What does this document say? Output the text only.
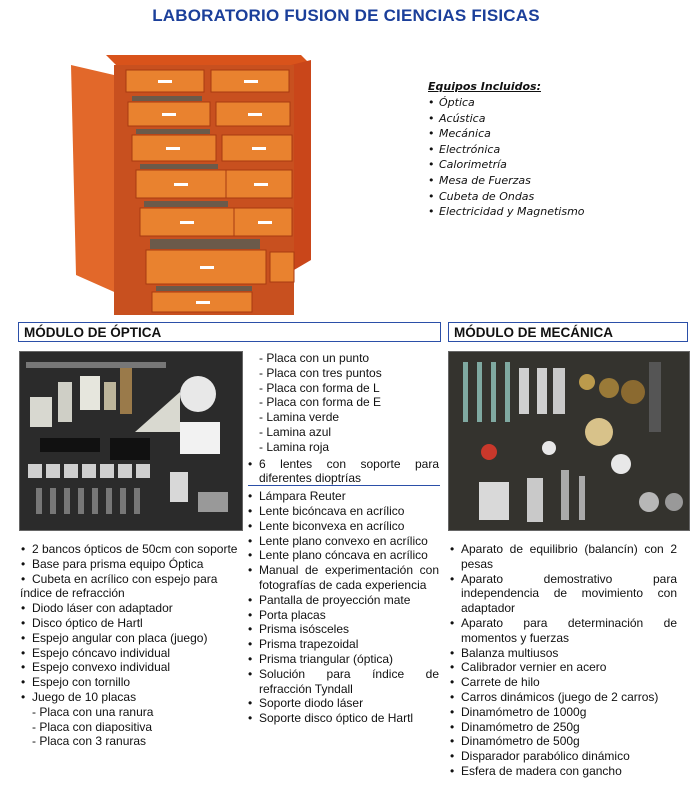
LABORATORIO FUSION DE CIENCIAS FISICAS
Equipos Incluidos:
• Óptica
• Acústica
• Mecánica
• Electrónica
• Calorimetría
• Mesa de Fuerzas
• Cubeta de Ondas
• Electricidad y Magnetismo
MÓDULO DE ÓPTICA	MÓDULO DE MECÁNICA
• 2 bancos ópticos de 50cm con soporte
• Base para prisma equipo Óptica
• Cubeta en acrílico con espejo para
índice de refracción
• Diodo láser con adaptador
• Disco óptico de Hartl
• Espejo angular con placa (juego)
• Espejo cóncavo individual
• Espejo convexo individual
• Espejo con tornillo
• Juego de 10 placas
- Placa con una ranura
- Placa con diapositiva
- Placa con 3 ranuras
- Placa con un punto
- Placa con tres puntos
- Placa con forma de L
- Placa con forma de E
- Lamina verde
- Lamina azul
- Lamina roja
• 6 lentes con soporte para diferentes dioptrías
• Lámpara Reuter
• Lente bicóncava en acrílico
• Lente biconvexa en acrílico
• Lente plano convexo en acrílico
• Lente plano cóncava en acrílico
• Manual de experimentación con fotografías de cada experiencia
• Pantalla de proyección mate
• Porta placas
• Prisma isósceles
• Prisma trapezoidal
• Prisma triangular (óptica)
• Solución para índice de refracción Tyndall
• Soporte diodo láser
• Soporte disco óptico de Hartl
• Aparato de equilibrio (balancín) con 2 pesas
• Aparato demostrativo para independencia de movimiento con adaptador
• Aparato para determinación de momentos y fuerzas
• Balanza multiusos
• Calibrador vernier en acero
• Carrete de hilo
• Carros dinámicos (juego de 2 carros)
• Dinamómetro de 1000g
• Dinamómetro de 250g
• Dinamómetro de 500g
• Disparador parabólico dinámico
• Esfera de madera con gancho
